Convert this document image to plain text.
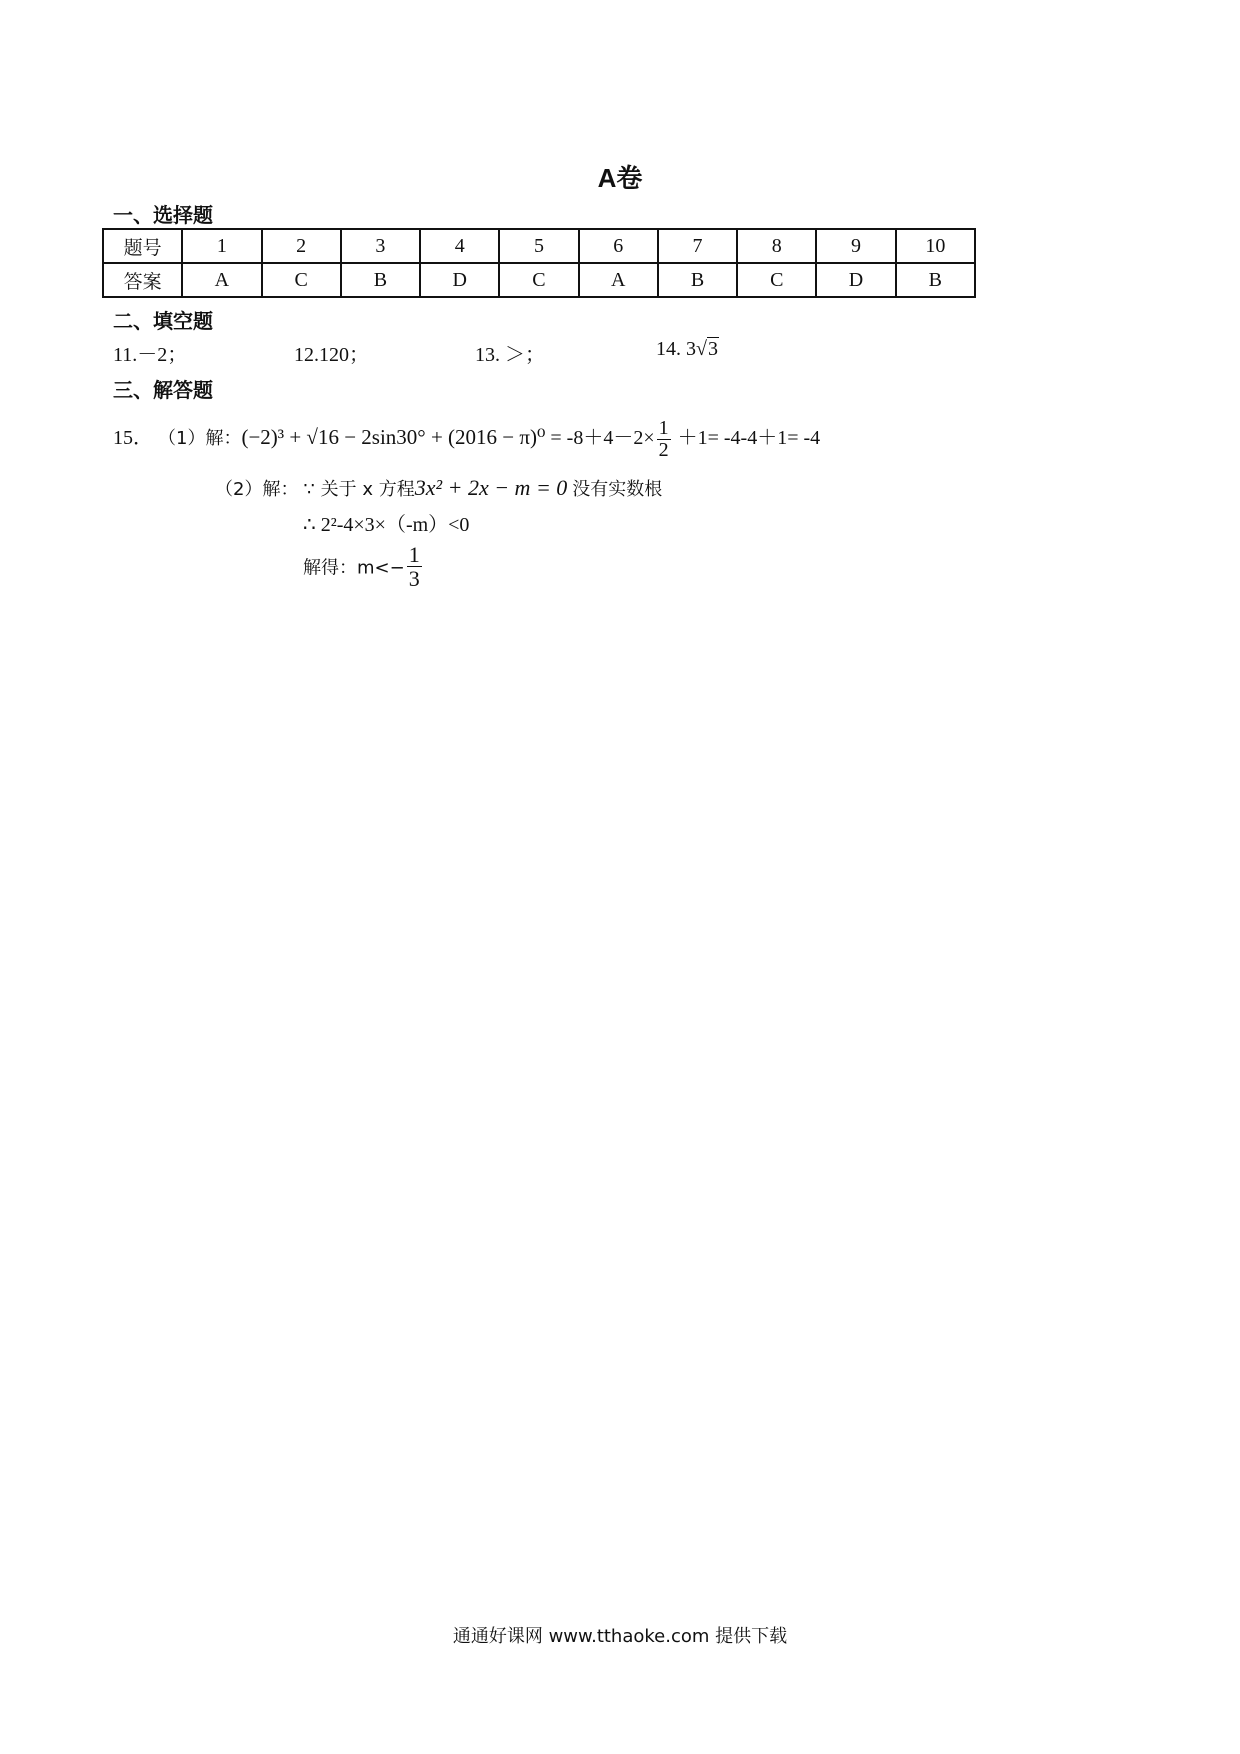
A卷
一、选择题
题号	1	2	3	4	5	6	7	8	9	10
答案	A	C	B	D	C	A	B	C	D	B
二、填空题
11.－2；	12.120；	13. ＞；	14. 3√3
三、解答题
15． （1）解：$(-2)^3 + √16 - 2\sin 30^\circ + (2016 - \pi)^0 = -8+4-2\times \frac{1}{2} +1= -4-4+1= -4$
（2）解： ∵ 关于 x 方程3x² + 2x − m = 0 没有实数根
∴ 2²-4×3×（-m）<0
解得：$m<- \frac{1}{3}$
通通好课网 www.tthaoke.com 提供下载
